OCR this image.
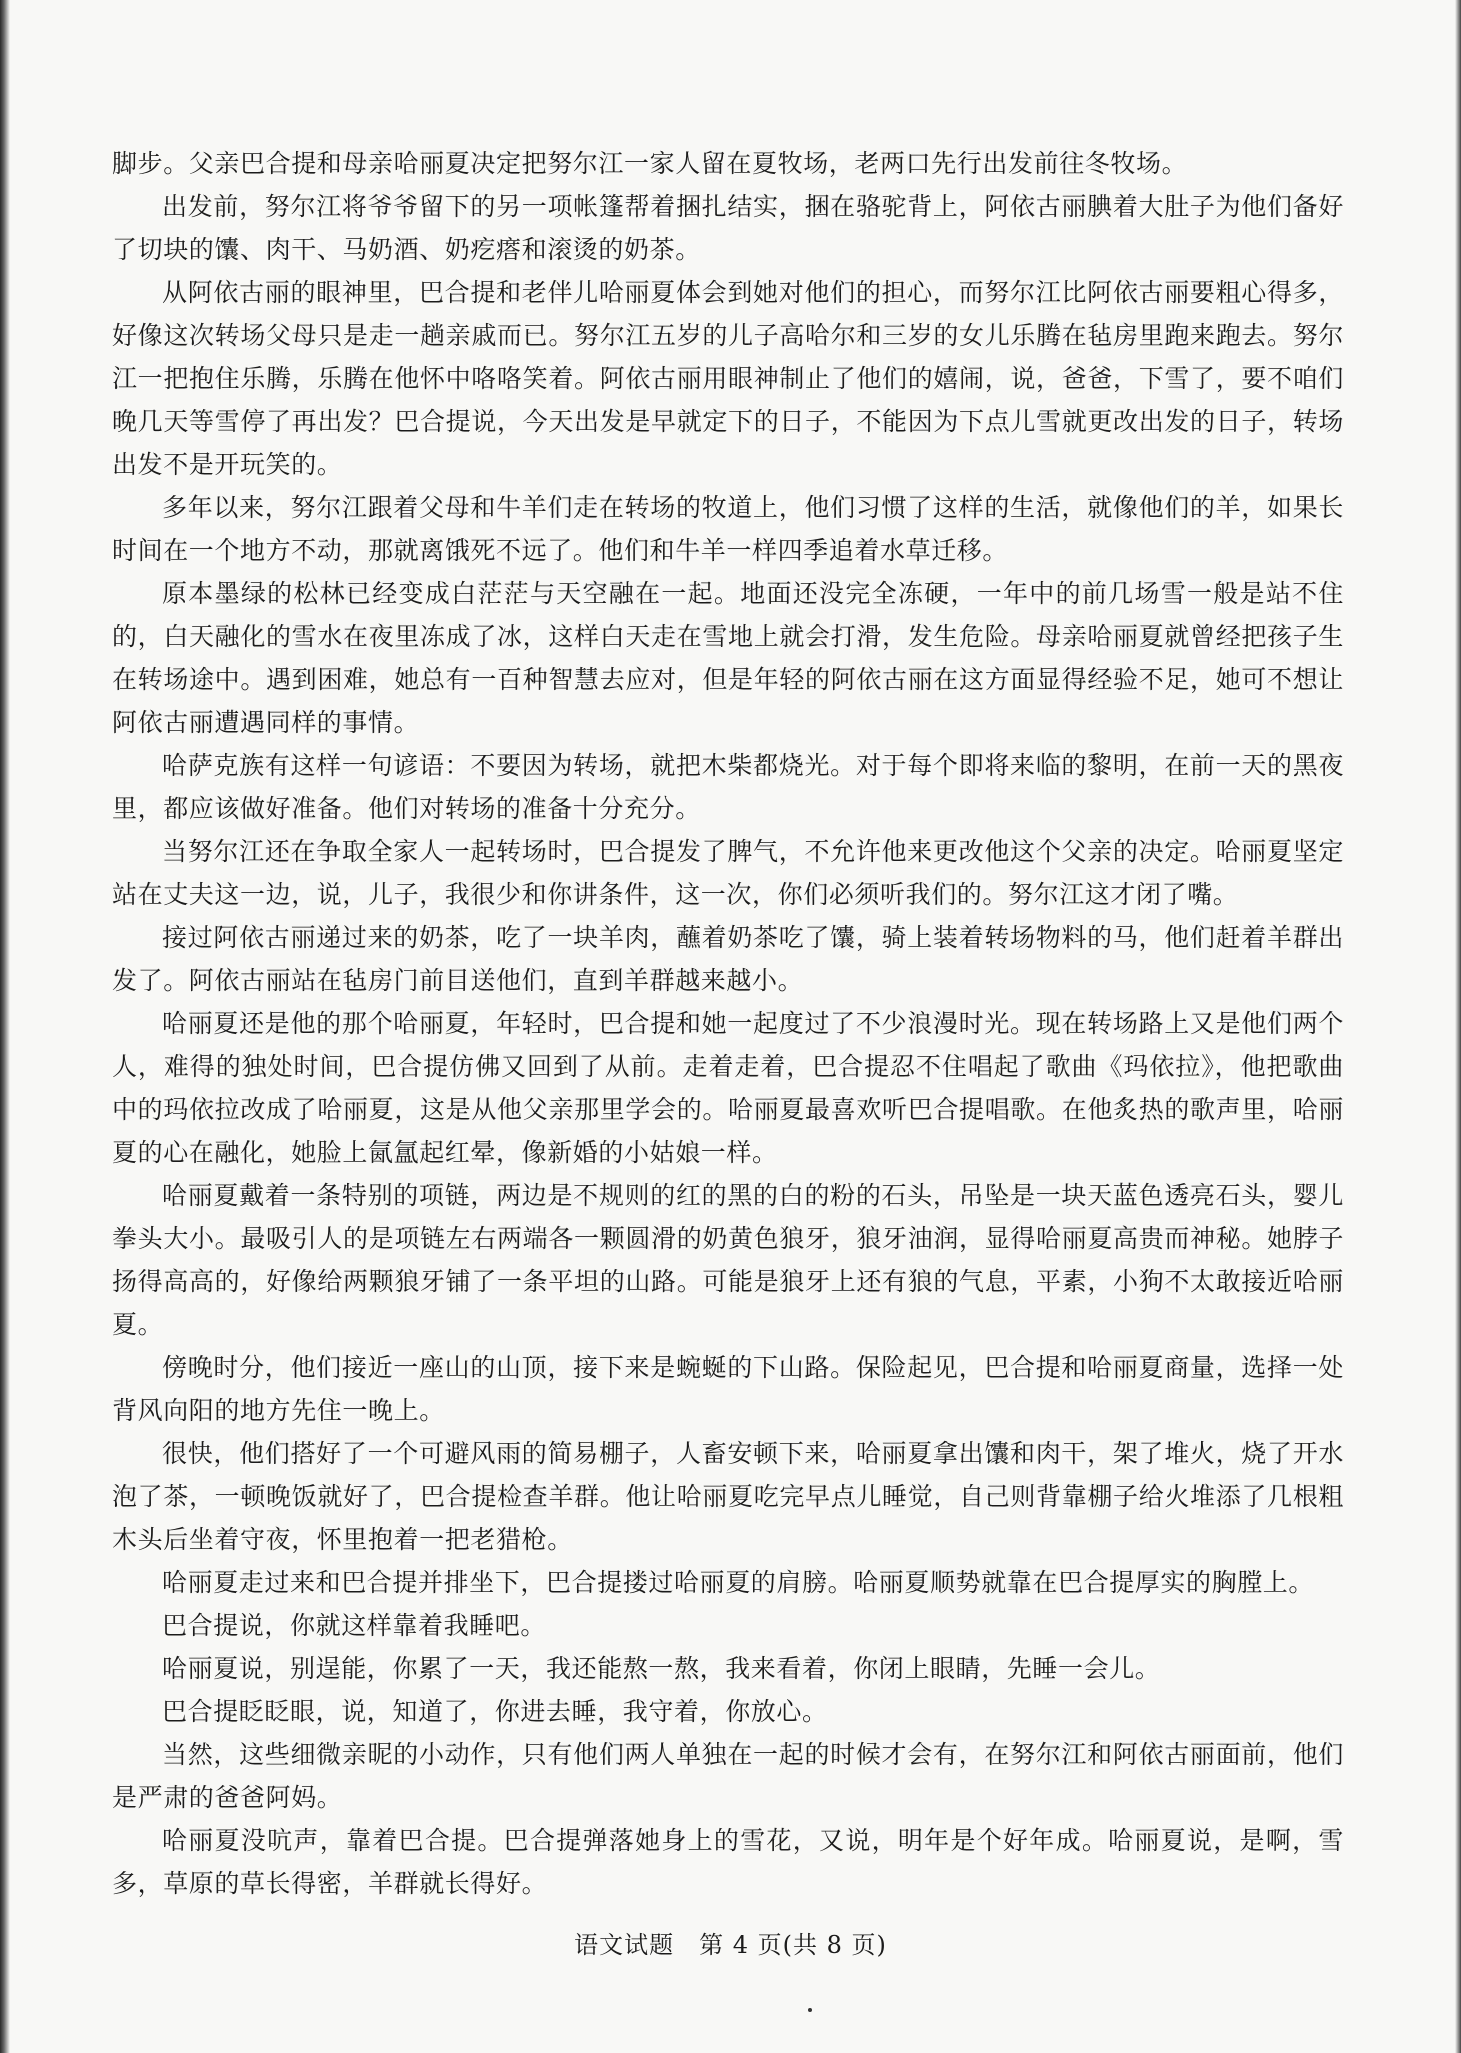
脚步。父亲巴合提和母亲哈丽夏决定把努尔江一家人留在夏牧场，老两口先行出发前往冬牧场。

出发前，努尔江将爷爷留下的另一项帐篷帮着捆扎结实，捆在骆驼背上，阿依古丽腆着大肚子为他们备好了切块的馕、肉干、马奶酒、奶疙瘩和滚烫的奶茶。

从阿依古丽的眼神里，巴合提和老伴儿哈丽夏体会到她对他们的担心，而努尔江比阿依古丽要粗心得多，好像这次转场父母只是走一趟亲戚而已。努尔江五岁的儿子高哈尔和三岁的女儿乐腾在毡房里跑来跑去。努尔江一把抱住乐腾，乐腾在他怀中咯咯笑着。阿依古丽用眼神制止了他们的嬉闹，说，爸爸，下雪了，要不咱们晚几天等雪停了再出发？巴合提说，今天出发是早就定下的日子，不能因为下点儿雪就更改出发的日子，转场出发不是开玩笑的。

多年以来，努尔江跟着父母和牛羊们走在转场的牧道上，他们习惯了这样的生活，就像他们的羊，如果长时间在一个地方不动，那就离饿死不远了。他们和牛羊一样四季追着水草迁移。

原本墨绿的松林已经变成白茫茫与天空融在一起。地面还没完全冻硬，一年中的前几场雪一般是站不住的，白天融化的雪水在夜里冻成了冰，这样白天走在雪地上就会打滑，发生危险。母亲哈丽夏就曾经把孩子生在转场途中。遇到困难，她总有一百种智慧去应对，但是年轻的阿依古丽在这方面显得经验不足，她可不想让阿依古丽遭遇同样的事情。

哈萨克族有这样一句谚语：不要因为转场，就把木柴都烧光。对于每个即将来临的黎明，在前一天的黑夜里，都应该做好准备。他们对转场的准备十分充分。

当努尔江还在争取全家人一起转场时，巴合提发了脾气，不允许他来更改他这个父亲的决定。哈丽夏坚定站在丈夫这一边，说，儿子，我很少和你讲条件，这一次，你们必须听我们的。努尔江这才闭了嘴。

接过阿依古丽递过来的奶茶，吃了一块羊肉，蘸着奶茶吃了馕，骑上装着转场物料的马，他们赶着羊群出发了。阿依古丽站在毡房门前目送他们，直到羊群越来越小。

哈丽夏还是他的那个哈丽夏，年轻时，巴合提和她一起度过了不少浪漫时光。现在转场路上又是他们两个人，难得的独处时间，巴合提仿佛又回到了从前。走着走着，巴合提忍不住唱起了歌曲《玛依拉》，他把歌曲中的玛依拉改成了哈丽夏，这是从他父亲那里学会的。哈丽夏最喜欢听巴合提唱歌。在他炙热的歌声里，哈丽夏的心在融化，她脸上氤氲起红晕，像新婚的小姑娘一样。

哈丽夏戴着一条特别的项链，两边是不规则的红的黑的白的粉的石头，吊坠是一块天蓝色透亮石头，婴儿拳头大小。最吸引人的是项链左右两端各一颗圆滑的奶黄色狼牙，狼牙油润，显得哈丽夏高贵而神秘。她脖子扬得高高的，好像给两颗狼牙铺了一条平坦的山路。可能是狼牙上还有狼的气息，平素，小狗不太敢接近哈丽夏。

傍晚时分，他们接近一座山的山顶，接下来是蜿蜒的下山路。保险起见，巴合提和哈丽夏商量，选择一处背风向阳的地方先住一晚上。

很快，他们搭好了一个可避风雨的简易棚子，人畜安顿下来，哈丽夏拿出馕和肉干，架了堆火，烧了开水泡了茶，一顿晚饭就好了，巴合提检查羊群。他让哈丽夏吃完早点儿睡觉，自己则背靠棚子给火堆添了几根粗木头后坐着守夜，怀里抱着一把老猎枪。

哈丽夏走过来和巴合提并排坐下，巴合提搂过哈丽夏的肩膀。哈丽夏顺势就靠在巴合提厚实的胸膛上。

巴合提说，你就这样靠着我睡吧。

哈丽夏说，别逞能，你累了一天，我还能熬一熬，我来看着，你闭上眼睛，先睡一会儿。

巴合提眨眨眼，说，知道了，你进去睡，我守着，你放心。

当然，这些细微亲昵的小动作，只有他们两人单独在一起的时候才会有，在努尔江和阿依古丽面前，他们是严肃的爸爸阿妈。

哈丽夏没吭声，靠着巴合提。巴合提弹落她身上的雪花，又说，明年是个好年成。哈丽夏说，是啊，雪多，草原的草长得密，羊群就长得好。

语文试题　第 4 页(共 8 页)
